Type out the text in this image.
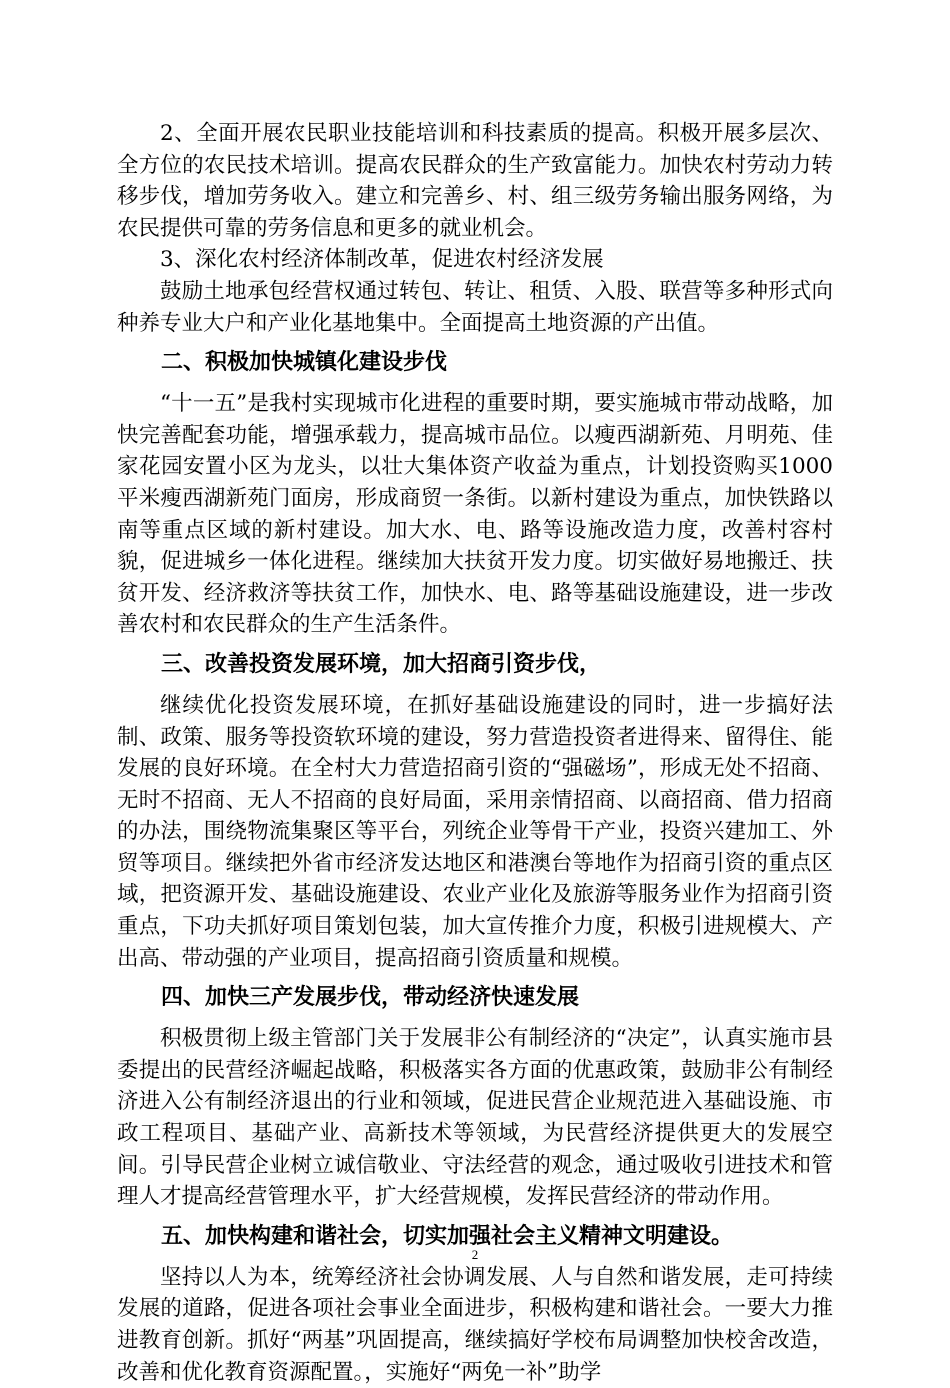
2、全面开展农民职业技能培训和科技素质的提高。积极开展多层次、全方位的农民技术培训。提高农民群众的生产致富能力。加快农村劳动力转移步伐，增加劳务收入。建立和完善乡、村、组三级劳务输出服务网络，为农民提供可靠的劳务信息和更多的就业机会。

3、深化农村经济体制改革，促进农村经济发展

鼓励土地承包经营权通过转包、转让、租赁、入股、联营等多种形式向种养专业大户和产业化基地集中。全面提高土地资源的产出值。

二、积极加快城镇化建设步伐

“十一五”是我村实现城市化进程的重要时期，要实施城市带动战略，加快完善配套功能，增强承载力，提高城市品位。以瘦西湖新苑、月明苑、佳家花园安置小区为龙头，以壮大集体资产收益为重点，计划投资购买1000平米瘦西湖新苑门面房，形成商贸一条街。以新村建设为重点，加快铁路以南等重点区域的新村建设。加大水、电、路等设施改造力度，改善村容村貌，促进城乡一体化进程。继续加大扶贫开发力度。切实做好易地搬迁、扶贫开发、经济救济等扶贫工作，加快水、电、路等基础设施建设，进一步改善农村和农民群众的生产生活条件。

三、改善投资发展环境，加大招商引资步伐，

继续优化投资发展环境，在抓好基础设施建设的同时，进一步搞好法制、政策、服务等投资软环境的建设，努力营造投资者进得来、留得住、能发展的良好环境。在全村大力营造招商引资的“强磁场”，形成无处不招商、无时不招商、无人不招商的良好局面，采用亲情招商、以商招商、借力招商的办法，围绕物流集聚区等平台，列统企业等骨干产业，投资兴建加工、外贸等项目。继续把外省市经济发达地区和港澳台等地作为招商引资的重点区域，把资源开发、基础设施建设、农业产业化及旅游等服务业作为招商引资重点，下功夫抓好项目策划包装，加大宣传推介力度，积极引进规模大、产出高、带动强的产业项目，提高招商引资质量和规模。

四、加快三产发展步伐，带动经济快速发展

积极贯彻上级主管部门关于发展非公有制经济的“决定”，认真实施市县委提出的民营经济崛起战略，积极落实各方面的优惠政策，鼓励非公有制经济进入公有制经济退出的行业和领域，促进民营企业规范进入基础设施、市政工程项目、基础产业、高新技术等领域，为民营经济提供更大的发展空间。引导民营企业树立诚信敬业、守法经营的观念，通过吸收引进技术和管理人才提高经营管理水平，扩大经营规模，发挥民营经济的带动作用。

五、加快构建和谐社会，切实加强社会主义精神文明建设。

坚持以人为本，统筹经济社会协调发展、人与自然和谐发展，走可持续发展的道路，促进各项社会事业全面进步，积极构建和谐社会。一要大力推进教育创新。抓好“两基”巩固提高，继续搞好学校布局调整加快校舍改造，改善和优化教育资源配置。，实施好“两免一补”助学

2
